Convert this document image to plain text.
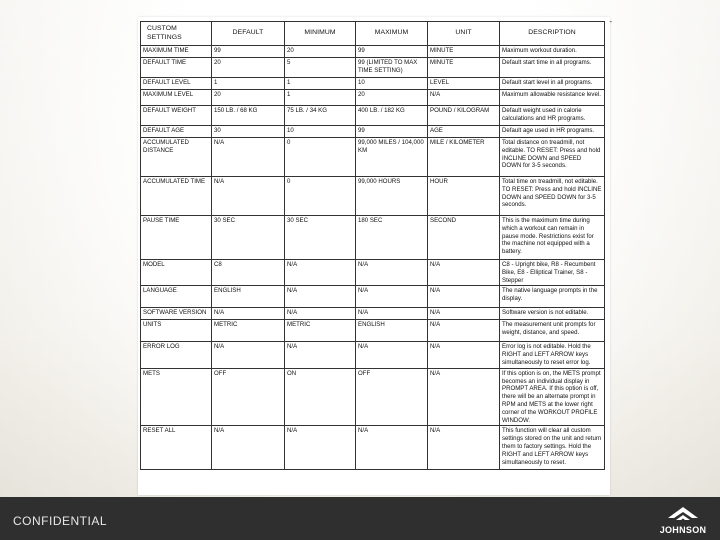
-
CUSTOM SETTINGS	DEFAULT	MINIMUM	MAXIMUM	UNIT	DESCRIPTION
MAXIMUM TIME	99	20	99	MINUTE	Maximum workout duration.
DEFAULT TIME	20	5	99 (LIMITED TO MAX TIME SETTING)	MINUTE	Default start time in all programs.
DEFAULT LEVEL	1	1	10	LEVEL	Default start level in all programs.
MAXIMUM LEVEL	20	1	20	N/A	Maximum allowable resistance level.
DEFAULT WEIGHT	150 LB. / 68 KG	75 LB. / 34 KG	400 LB. / 182 KG	POUND / KILOGRAM	Default weight used in calorie calculations and HR programs.
DEFAULT AGE	30	10	99	AGE	Default age used in HR programs.
ACCUMULATED DISTANCE	N/A	0	99,000 MILES / 104,000 KM	MILE / KILOMETER	Total distance on treadmill, not editable. TO RESET: Press and hold INCLINE DOWN and SPEED DOWN for 3-5 seconds.
ACCUMULATED TIME	N/A	0	99,000 HOURS	HOUR	Total time on treadmill, not editable. TO RESET: Press and hold INCLINE DOWN and SPEED DOWN for 3-5 seconds.
PAUSE TIME	30 SEC	30 SEC	180 SEC	SECOND	This is the maximum time during which a workout can remain in pause mode. Restrictions exist for the machine not equipped with a battery.
MODEL	C8	N/A	N/A	N/A	C8 - Upright bike, R8 - Recumbent Bike, E8 - Elliptical Trainer, S8 - Stepper
LANGUAGE	ENGLISH	N/A	N/A	N/A	The native language prompts in the display.
SOFTWARE VERSION	N/A	N/A	N/A	N/A	Software version is not editable.
UNITS	METRIC	METRIC	ENGLISH	N/A	The measurement unit prompts for weight, distance, and speed.
ERROR LOG	N/A	N/A	N/A	N/A	Error log is not editable. Hold the RIGHT and LEFT ARROW keys simultaneously to reset error log.
METS	OFF	ON	OFF	N/A	If this option is on, the METS prompt becomes an individual display in PROMPT AREA. If this option is off, there will be an alternate prompt in RPM and METS at the lower right corner of the WORKOUT PROFILE WINDOW.
RESET ALL	N/A	N/A	N/A	N/A	This function will clear all custom settings stored on the unit and return them to factory settings. Hold the RIGHT and LEFT ARROW keys simultaneously to reset.
CONFIDENTIAL
JOHNSON
